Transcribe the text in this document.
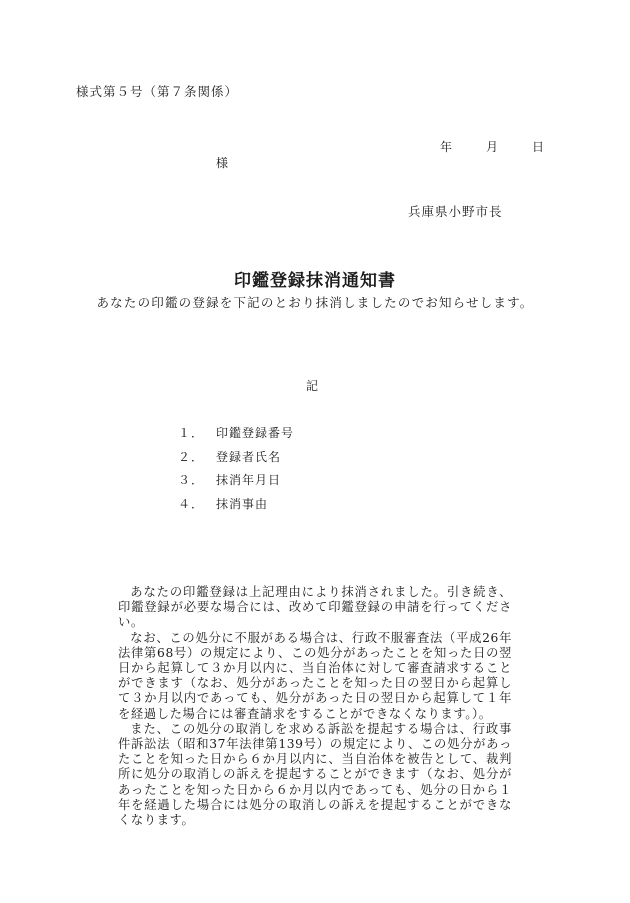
様式第５号（第７条関係）
年	月	日
様
兵庫県小野市長
印鑑登録抹消通知書
あなたの印鑑の登録を下記のとおり抹消しましたのでお知らせします。
記
１． 印鑑登録番号
２． 登録者氏名
３． 抹消年月日
４． 抹消事由

あなたの印鑑登録は上記理由により抹消されました。引き続き、印鑑登録が必要な場合には、改めて印鑑登録の申請を行ってください。

なお、この処分に不服がある場合は、行政不服審査法（平成26年法律第68号）の規定により、この処分があったことを知った日の翌日から起算して３か月以内に、当自治体に対して審査請求することができます（なお、処分があったことを知った日の翌日から起算して３か月以内であっても、処分があった日の翌日から起算して１年を経過した場合には審査請求をすることができなくなります。）。

また、この処分の取消しを求める訴訟を提起する場合は、行政事件訴訟法（昭和37年法律第139号）の規定により、この処分があったことを知った日から６か月以内に、当自治体を被告として、裁判所に処分の取消しの訴えを提起することができます（なお、処分があったことを知った日から６か月以内であっても、処分の日から１年を経過した場合には処分の取消しの訴えを提起することができなくなります。
